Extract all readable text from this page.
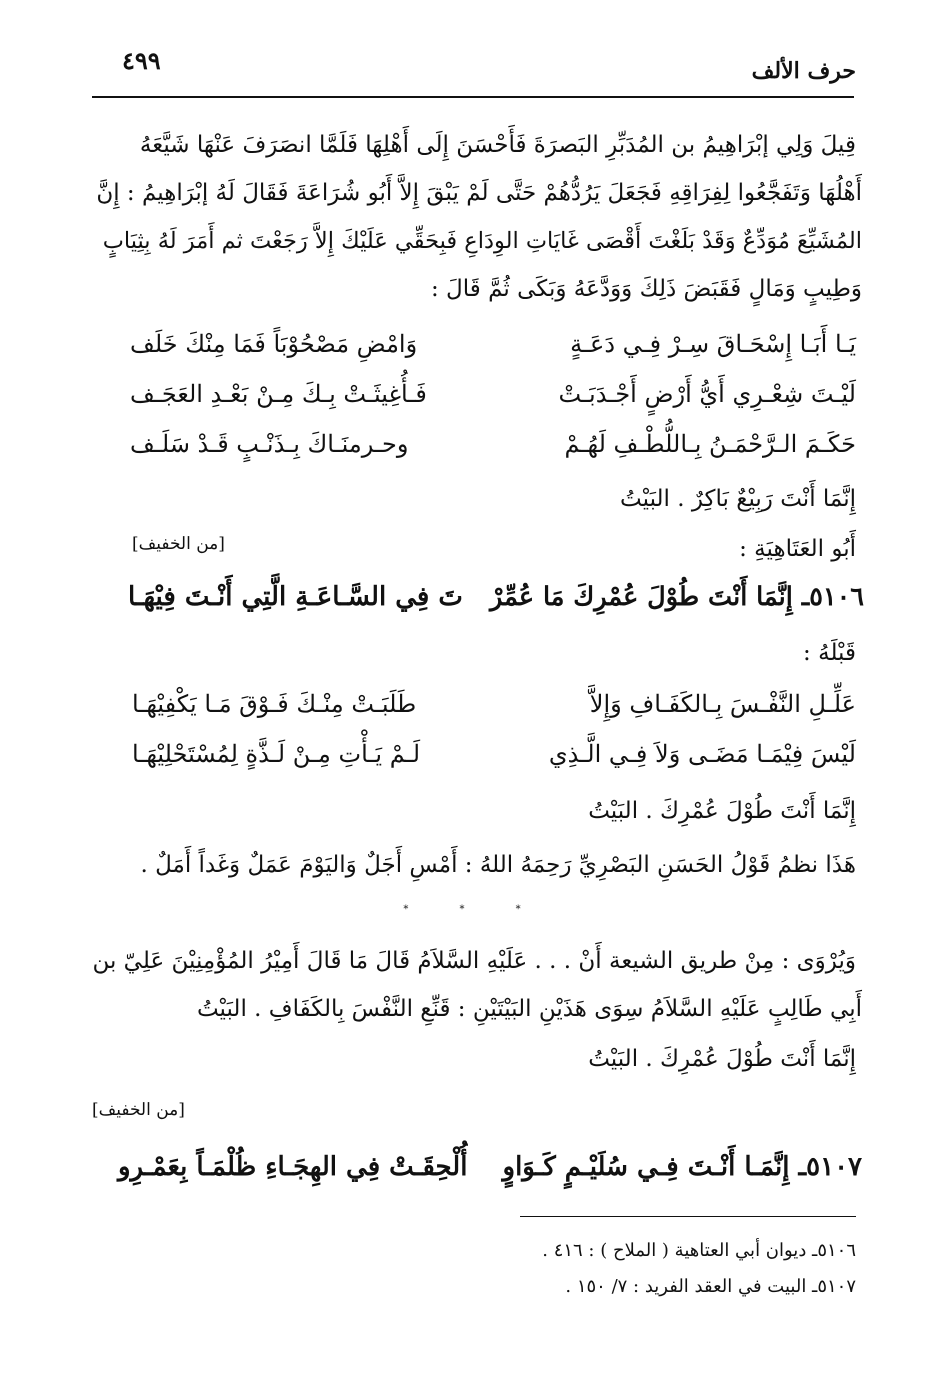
حرف الألف
٤٩٩
قِيلَ وَلِي إبْرَاهِيمُ بن المُدَبِّرِ البَصرَةَ فَأَحْسَنَ إِلَى أَهْلِهَا فَلَمَّا انصَرَفَ عَنْهَا شَيَّعَهُ
أَهْلُهَا وَتَفَجَّعُوا لِفِرَاقِهِ فَجَعَلَ يَرُدُّهُمْ حَتَّى لَمْ يَبْقَ إِلاَّ أَبُو شُرَاعَةَ فَقَالَ لَهُ إبْرَاهِيمُ : إِنَّ
المُشَيِّعَ مُوَدِّعٌ وَقَدْ بَلَغْتَ أَقْصَى غَايَاتِ الوِدَاعِ فَبِحَقِّي عَلَيْكَ إِلاَّ رَجَعْتَ ثم أَمَرَ لَهُ بِثِيَابٍ
وَطِيبٍ وَمَالٍ فَقَبَضَ ذَلِكَ وَوَدَّعَهُ وَبَكَى ثُمَّ قَالَ :
يَـا أَبَـا إِسْحَـاقَ سِـرْ فِـي دَعَـةٍ
وَامْضِ مَصْحُوْبَاً فَمَا مِنْكَ خَلَف
لَيْـتَ شِعْـرِي أَيُّ أَرْضٍ أَجْـدَبَـتْ
فَـأُغِيثَـتْ بِـكَ مِـنْ بَعْـدِ العَجَـف
حَكَـمَ الـرَّحْمَـنُ بِـاللُّطْـفِ لَهُـمْ
وحـرمنَـاكَ بِـذَنْـبٍ قَـدْ سَلَـف
إِنَّمَا أَنْتَ رَبِيْعٌ بَاكِرٌ . البَيْتُ
أَبُو العَتَاهِيَةِ :
[من الخفيف]
٥١٠٦ـ إِنَّمَا أَنْتَ طُوْلَ عُمْرِكَ مَا عُمِّرْ
تَ فِي السَّـاعَـةِ الَّتِي أَنْـتَ فِيْهَـا
قَبْلَهُ :
عَلِّـلِ النَّفْـسَ بِـالكَفَـافِ وَإِلاَّ
طَلَبَـتْ مِنْـكَ فَـوْقَ مَـا يَكْفِيْهَـا
لَيْسَ فِيْمَـا مَضَـى وَلاَ فِـي الَّـذِي
لَـمْ يَـأْتِ مِـنْ لَـذَّةٍ لِمُسْتَحْلِيْهَـا
إِنَّمَا أَنْتَ طُوْلَ عُمْرِكَ . البَيْتُ
هَذَا نظمُ قَوْلُ الحَسَنِ البَصْرِيِّ رَحِمَهُ اللهُ : أَمْسِ أَجَلٌ وَاليَوْمَ عَمَلٌ وَغَداً أَمَلٌ .
* * *
وَيُرْوَى : مِنْ طريق الشيعة أَنْ . . . عَلَيْهِ السَّلاَمُ قَالَ مَا قَالَ أَمِيْرُ المُؤْمِنِيْنَ عَلِيّ بن
أَبِي طَالِبٍ عَلَيْهِ السَّلاَمُ سِوَى هَذَيْنِ البَيْتَيْنِ : قَنِّعِ النَّفْسَ بِالكَفَافِ . البَيْتُ
إِنَّمَا أَنْتَ طُوْلَ عُمْرِكَ . البَيْتُ
[من الخفيف]
٥١٠٧ـ إِنَّمَـا أَنْـتَ فِـي سُلَيْـمٍ كَـوَاوٍ
أُلْحِقَـتْ فِي الهِجَـاءِ ظُلْمَـاً بِعَمْـرِو
٥١٠٦ـ ديوان أبي العتاهية ( الملاح ) : ٤١٦ .
٥١٠٧ـ البيت في العقد الفريد : ٧/ ١٥٠ .
